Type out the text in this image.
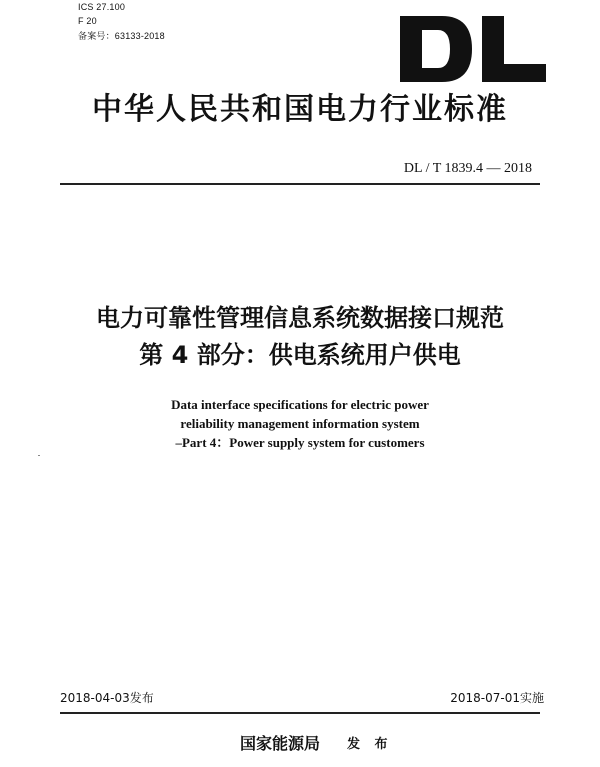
ICS 27.100
F 20
备案号：63133-2018
中华人民共和国电力行业标准
DL / T 1839.4 — 2018
电力可靠性管理信息系统数据接口规范
第 4 部分：供电系统用户供电
Data interface specifications for electric power
reliability management information system
–Part 4：Power supply system for customers
2018-04-03发布	2018-07-01实施
国家能源局 发 布
